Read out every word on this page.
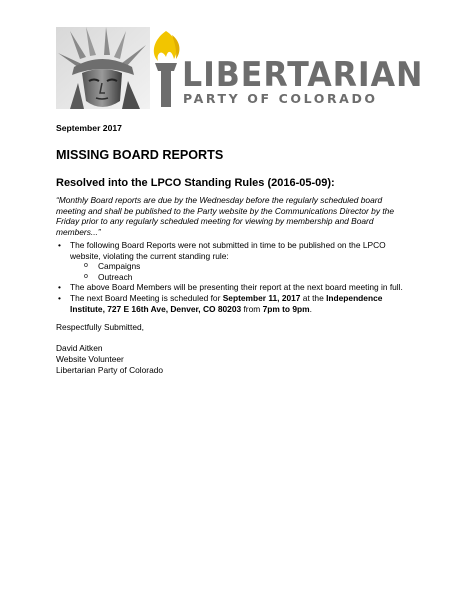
LIBERTARIAN
PARTY OF COLORADO
September 2017
MISSING BOARD REPORTS
Resolved into the LPCO Standing Rules (2016-05-09):
“Monthly Board reports are due by the Wednesday before the regularly scheduled board meeting and shall be published to the Party website by the Communications Director by the Friday prior to any regularly scheduled meeting for viewing by membership and Board members...”
• The following Board Reports were not submitted in time to be published on the LPCO website, violating the current standing rule:
o Campaigns
o Outreach
• The above Board Members will be presenting their report at the next board meeting in full.
• The next Board Meeting is scheduled for September 11, 2017 at the Independence Institute, 727 E 16th Ave, Denver, CO 80203 from 7pm to 9pm.
Respectfully Submitted,
David Aitken
Website Volunteer
Libertarian Party of Colorado
